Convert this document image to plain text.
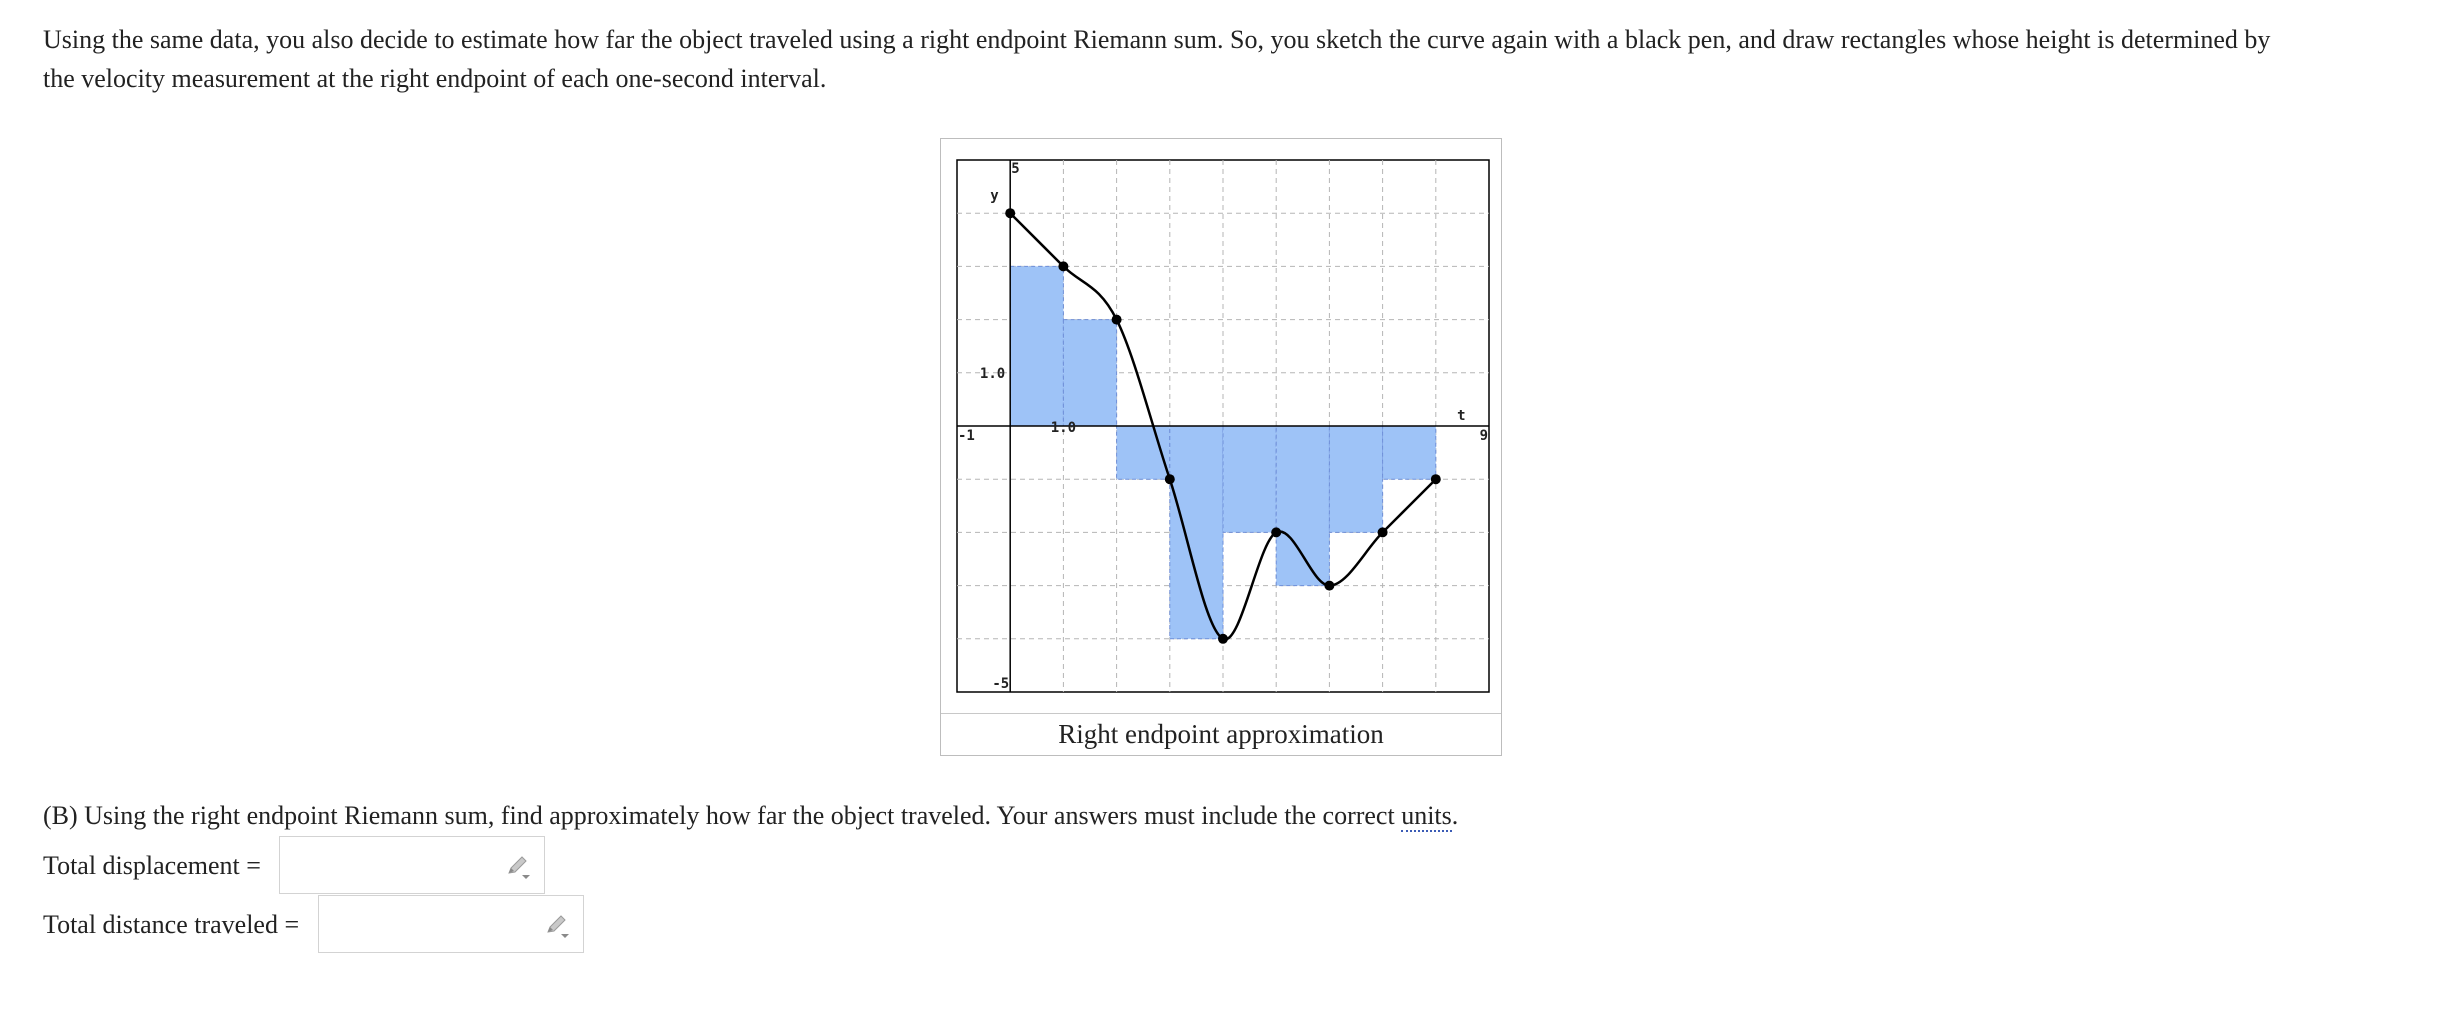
Using the same data, you also decide to estimate how far the object traveled using a right endpoint Riemann sum. So, you sketch the curve again with a black pen, and draw rectangles whose height is determined by
the velocity measurement at the right endpoint of each one-second interval.

5
1.0
-5
-1	1.0	9
y
t
Right endpoint approximation

(B) Using the right endpoint Riemann sum, find approximately how far the object traveled. Your answers must include the correct units.

Total displacement =
Total distance traveled =
